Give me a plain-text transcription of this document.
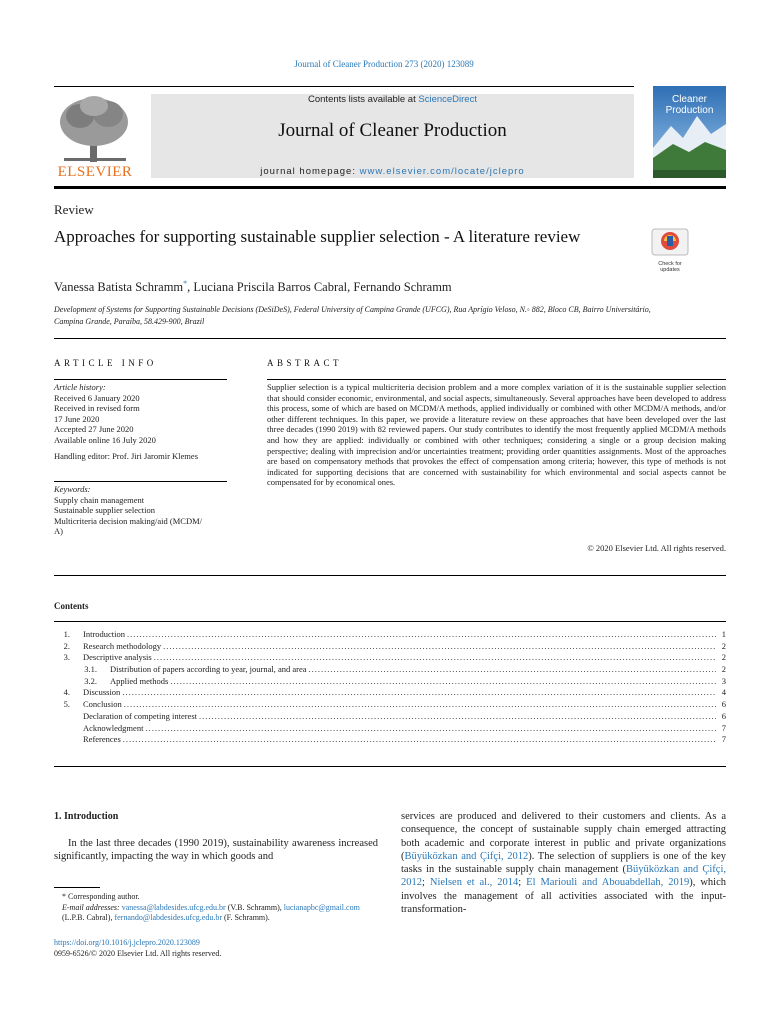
Journal of Cleaner Production 273 (2020) 123089
ELSEVIER
Contents lists available at ScienceDirect
Journal of Cleaner Production
journal homepage: www.elsevier.com/locate/jclepro
Cleaner
Production
Review
Approaches for supporting sustainable supplier selection - A literature review
Check for
updates
Vanessa Batista Schramm*, Luciana Priscila Barros Cabral, Fernando Schramm
Development of Systems for Supporting Sustainable Decisions (DeSiDeS), Federal University of Campina Grande (UFCG), Rua Aprígio Veloso, N.◦ 882, Bloco CB, Bairro Universitário, Campina Grande, Paraíba, 58.429-900, Brazil
ARTICLE INFO	ABSTRACT
Article history:
Received 6 January 2020
Received in revised form
17 June 2020
Accepted 27 June 2020
Available online 16 July 2020
Handling editor: Prof. Jiri Jaromir Klemes
Keywords:
Supply chain management
Sustainable supplier selection
Multicriteria decision making/aid (MCDM/
A)
Supplier selection is a typical multicriteria decision problem and a more complex variation of it is the sustainable supplier selection that should consider economic, environmental, and social aspects, simultaneously. Several approaches have been developed to address this process, some of which are based on MCDM/A methods, applied individually or combined with other MCDM/A methods, and/or other different techniques. In this paper, we provide a literature review on these approaches that have been developed over the last three decades (1990 2019) with 82 reviewed papers. Our study contributes to identify the most frequently applied MCDM/A methods and how they are applied: individually or combined with other techniques; considering a single or a group decision making perspective; dealing with imprecision and/or uncertainties treatment; providing order quantities assignments. Most of the approaches are based on compensatory methods that provokes the effect of compensation among criteria; however, this type of methods is not indicated for supporting decisions that are concerned with sustainability for which environmental and social aspects cannot be compensated for by economical ones.
© 2020 Elsevier Ltd. All rights reserved.
Contents
1. Introduction .....	1
2. Research methodology .....	2
3. Descriptive analysis .....	2
3.1. Distribution of papers according to year, journal, and area .....	2
3.2. Applied methods .....	3
4. Discussion .....	4
5. Conclusion .....	6
Declaration of competing interest .....	6
Acknowledgment .....	7
References .....	7
1. Introduction
In the last three decades (1990 2019), sustainability awareness increased significantly, impacting the way in which goods and
services are produced and delivered to their customers and clients. As a consequence, the concept of sustainable supply chain emerged attracting both academic and corporate interest in public and private organizations (Büyüközkan and Çifçi, 2012). The selection of suppliers is one of the key tasks in the sustainable supply chain management (Büyüközkan and Çifçi, 2012; Nielsen et al., 2014; El Mariouli and Abouabdellah, 2019), which involves the management of all activities associated with the input-transformation-
* Corresponding author.
E-mail addresses: vanessa@labdesides.ufcg.edu.br (V.B. Schramm), lucianapbc@gmail.com (L.P.B. Cabral), fernando@labdesides.ufcg.edu.br (F. Schramm).
https://doi.org/10.1016/j.jclepro.2020.123089
0959-6526/© 2020 Elsevier Ltd. All rights reserved.
